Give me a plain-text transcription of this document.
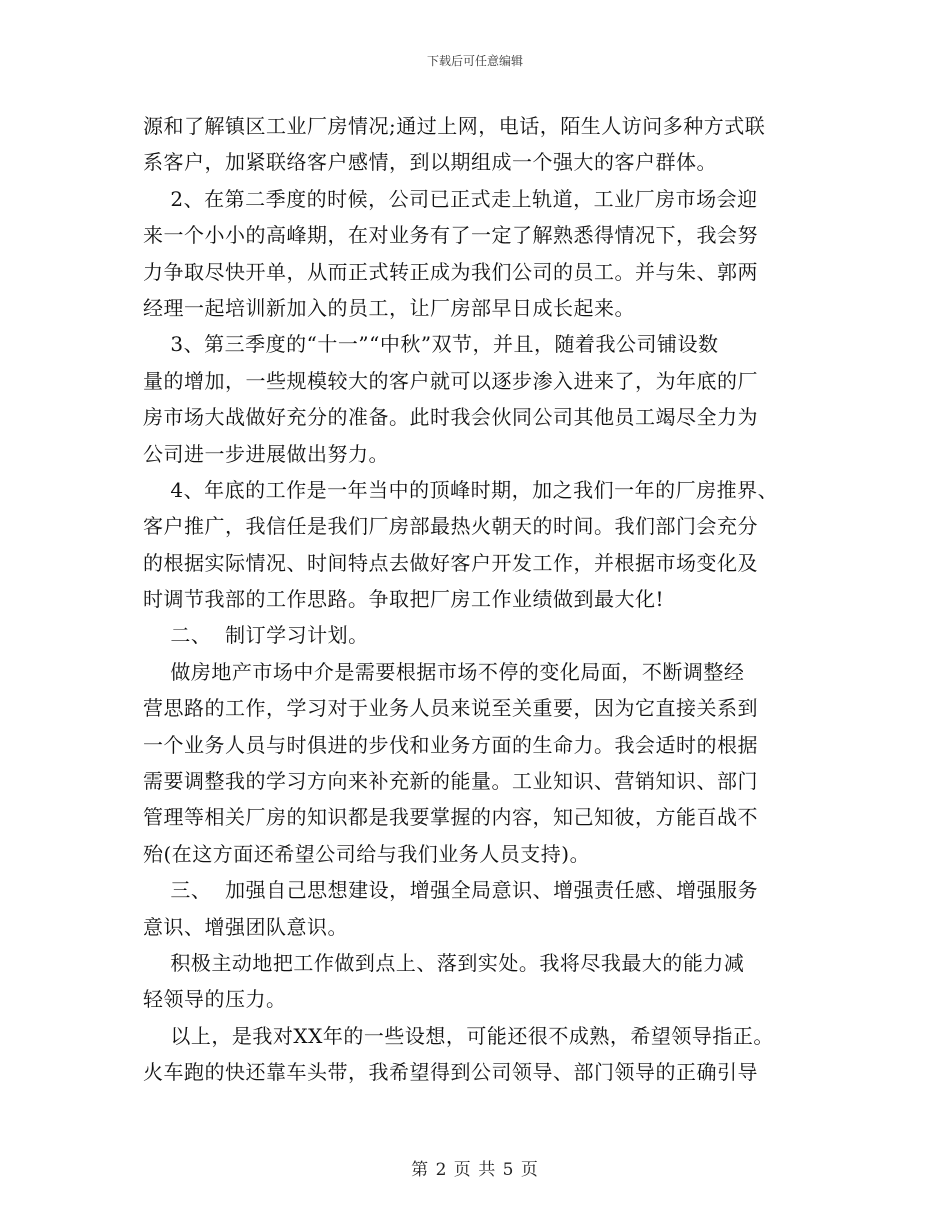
下载后可任意编辑
源和了解镇区工业厂房情况;通过上网，电话，陌生人访问多种方式联
系客户，加紧联络客户感情，到以期组成一个强大的客户群体。
2、在第二季度的时候，公司已正式走上轨道，工业厂房市场会迎
来一个小小的高峰期，在对业务有了一定了解熟悉得情况下，我会努
力争取尽快开单，从而正式转正成为我们公司的员工。并与朱、郭两
经理一起培训新加入的员工，让厂房部早日成长起来。
3、第三季度的“十一”“中秋”双节，并且，随着我公司铺设数
量的增加，一些规模较大的客户就可以逐步渗入进来了，为年底的厂
房市场大战做好充分的准备。此时我会伙同公司其他员工竭尽全力为
公司进一步进展做出努力。
4、年底的工作是一年当中的顶峰时期，加之我们一年的厂房推界、
客户推广，我信任是我们厂房部最热火朝天的时间。我们部门会充分
的根据实际情况、时间特点去做好客户开发工作，并根据市场变化及
时调节我部的工作思路。争取把厂房工作业绩做到最大化!
二、  制订学习计划。
做房地产市场中介是需要根据市场不停的变化局面，不断调整经
营思路的工作，学习对于业务人员来说至关重要，因为它直接关系到
一个业务人员与时俱进的步伐和业务方面的生命力。我会适时的根据
需要调整我的学习方向来补充新的能量。工业知识、营销知识、部门
管理等相关厂房的知识都是我要掌握的内容，知己知彼，方能百战不
殆(在这方面还希望公司给与我们业务人员支持)。
三、  加强自己思想建设，增强全局意识、增强责任感、增强服务
意识、增强团队意识。
积极主动地把工作做到点上、落到实处。我将尽我最大的能力减
轻领导的压力。
以上，是我对XX年的一些设想，可能还很不成熟，希望领导指正。
火车跑的快还靠车头带，我希望得到公司领导、部门领导的正确引导
第 2 页 共 5 页
